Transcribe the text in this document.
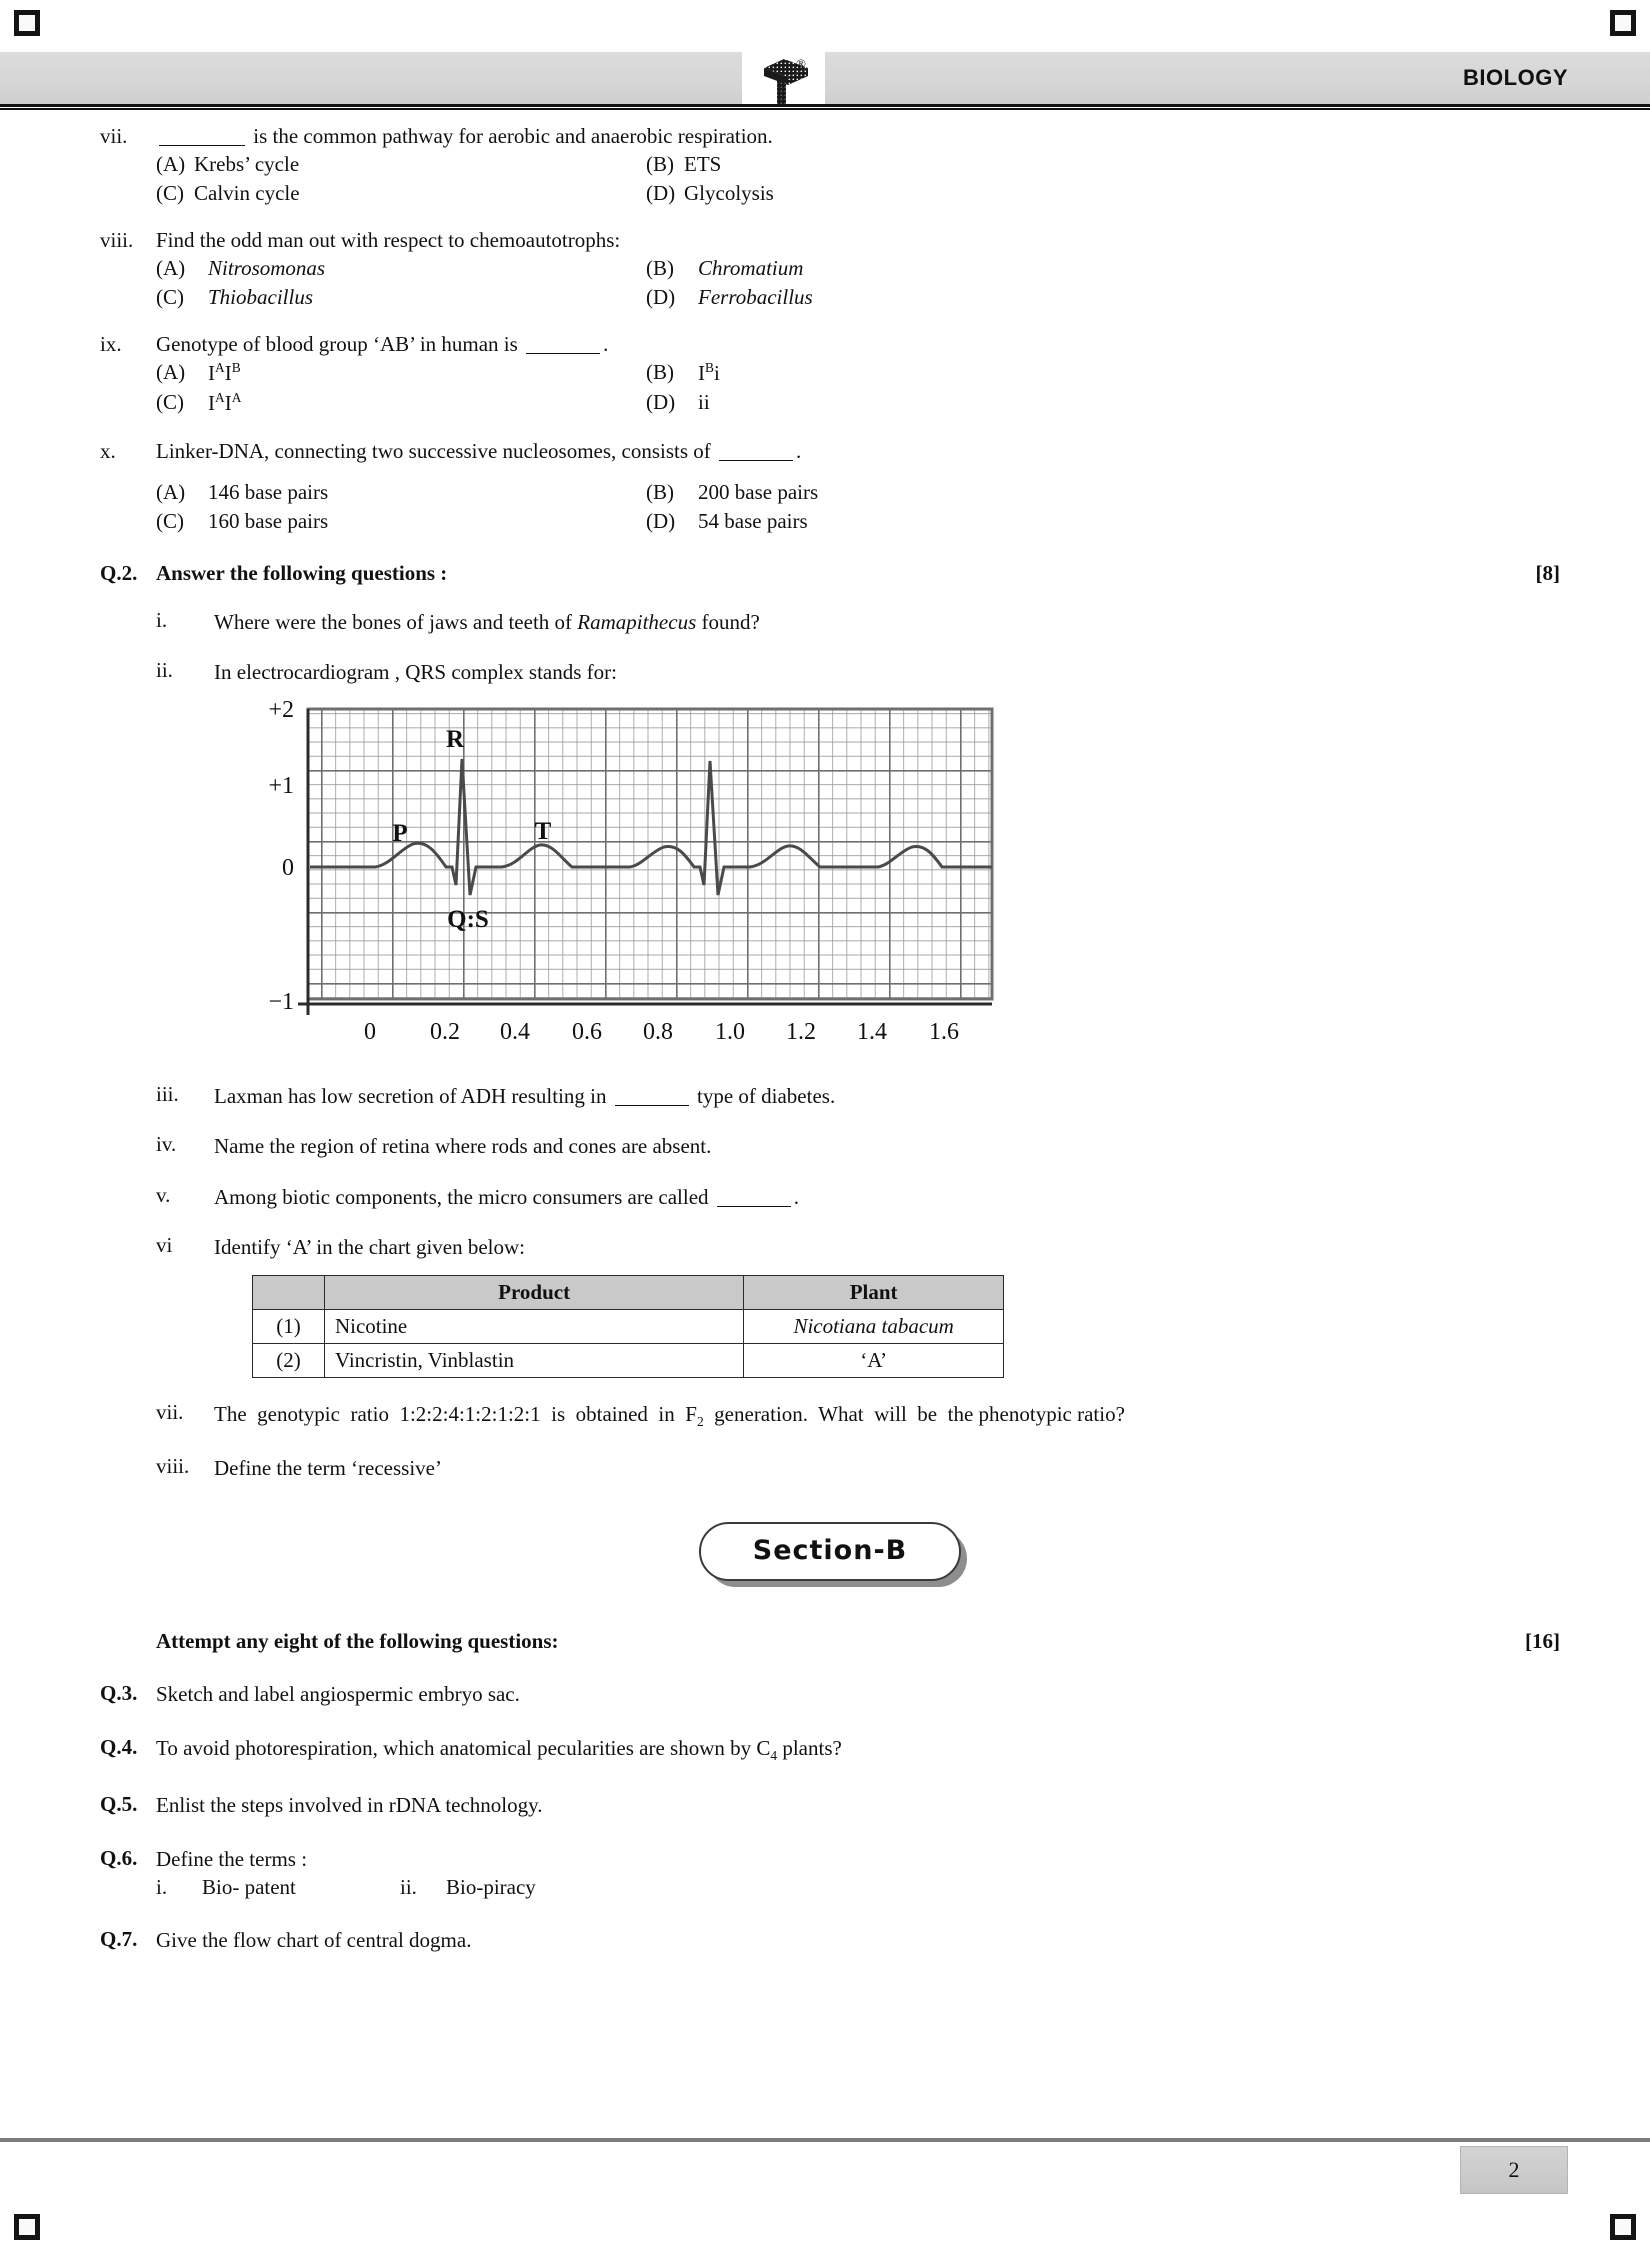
®
BIOLOGY
vii.	is the common pathway for aerobic and anaerobic respiration.
(A) Krebs’ cycle	(B) ETS
(C) Calvin cycle	(D) Glycolysis
viii.	Find the odd man out with respect to chemoautotrophs:
(A)	Nitrosomonas	(B)	Chromatium
(C)	Thiobacillus	(D)	Ferrobacillus
ix.	Genotype of blood group ‘AB’ in human is	.
(A)	$I^AI^B$	(B)	$I^Bi$
(C)	$I^AI^A$	(D)	ii
x.	Linker-DNA, connecting two successive nucleosomes, consists of	.
(A)	146 base pairs	(B)	200 base pairs
(C)	160 base pairs	(D)	54 base pairs
Q.2. Answer the following questions :	[8]
i.	Where were the bones of jaws and teeth of Ramapithecus found?
ii.	In electrocardiogram , QRS complex stands for:
+2
+1
0
−1
0 0.2 0.4 0.6 0.8 1.0 1.2 1.4 1.6
R
P	T
Q:S
iii.	Laxman has low secretion of ADH resulting in	type of diabetes.
iv.	Name the region of retina where rods and cones are absent.
v.	Among biotic components, the micro consumers are called	.
vi	Identify ‘A’ in the chart given below:
	Product	Plant
(1)	Nicotine	Nicotiana tabacum
(2)	Vincristin, Vinblastin	‘A’
vii.	The  genotypic  ratio  1:2:2:4:1:2:1:2:1  is  obtained  in  $F_2$  generation.  What  will  be  the phenotypic ratio?
viii.	Define the term ‘recessive’
Section-B
Attempt any eight of the following questions:	[16]
Q.3. Sketch and label angiospermic embryo sac.
Q.4. To avoid photorespiration, which anatomical pecularities are shown by $C_4$ plants?
Q.5. Enlist the steps involved in rDNA technology.
Q.6. Define the terms :
i.	Bio- patent	ii.	Bio-piracy
Q.7. Give the flow chart of central dogma.
2
